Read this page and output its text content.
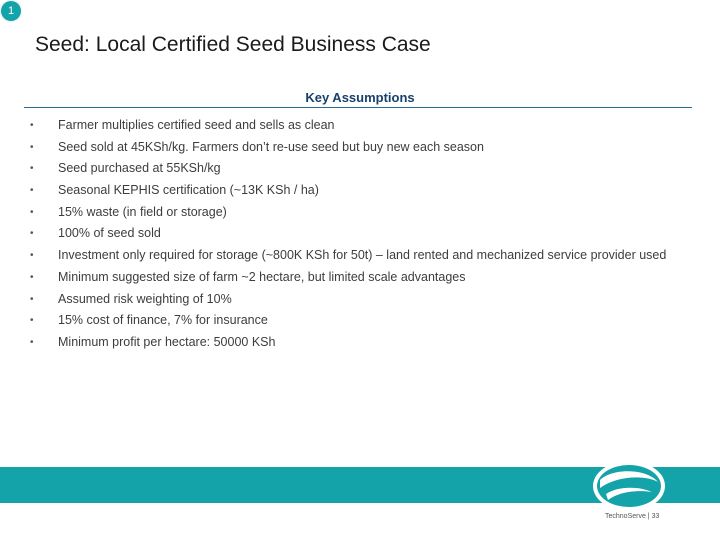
1
Seed: Local Certified Seed Business Case
Key Assumptions
• Farmer multiplies certified seed and sells as clean
• Seed sold at 45KSh/kg. Farmers don’t re-use seed but buy new each season
• Seed purchased at 55KSh/kg
• Seasonal KEPHIS certification (~13K KSh / ha)
• 15% waste (in field or storage)
• 100% of seed sold
• Investment only required for storage (~800K KSh for 50t) – land rented and mechanized service provider used
• Minimum suggested size of farm ~2 hectare, but limited scale advantages
• Assumed risk weighting of 10%
• 15% cost of finance, 7% for insurance
• Minimum profit per hectare: 50000 KSh
TechnoServe | 33
